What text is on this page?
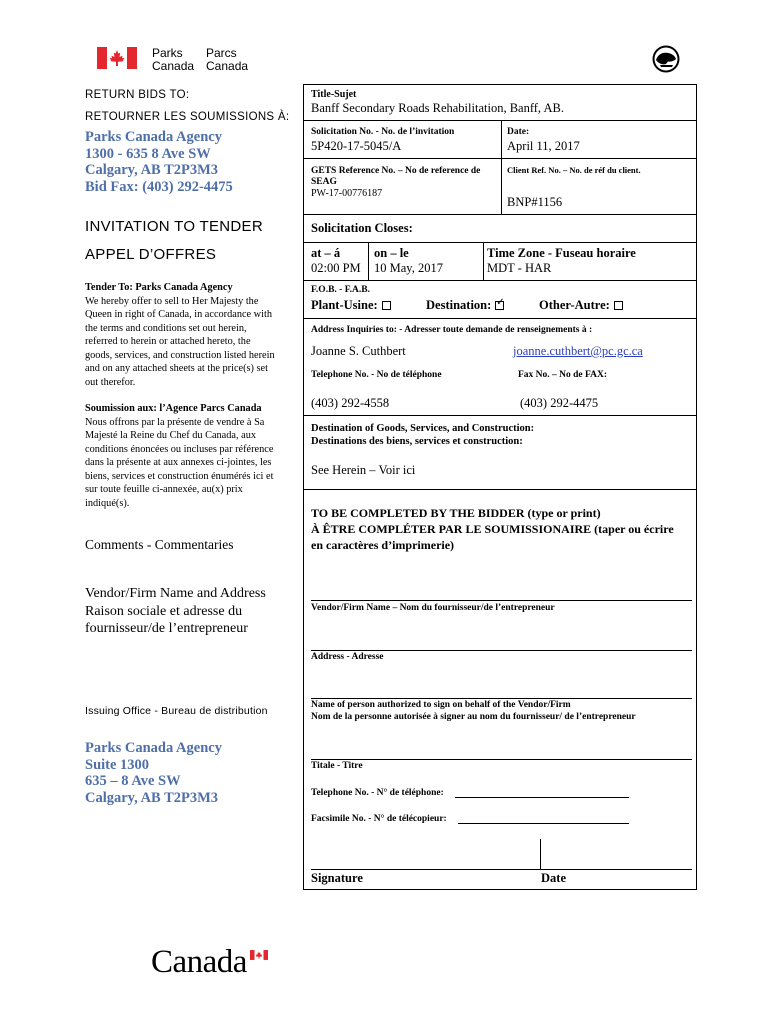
Parks
Canada
Parcs
Canada
RETURN BIDS TO:
RETOURNER LES SOUMISSIONS À:
Parks Canada Agency
1300 - 635 8 Ave SW
Calgary, AB T2P3M3
Bid Fax: (403) 292-4475
INVITATION TO TENDER
APPEL D’OFFRES
Tender To: Parks Canada Agency
We hereby offer to sell to Her Majesty the
Queen in right of Canada, in accordance with
the terms and conditions set out herein,
referred to herein or attached hereto, the
goods, services, and construction listed herein
and on any attached sheets at the price(s) set
out therefor.
Soumission aux: l’Agence Parcs Canada
Nous offrons par la présente de vendre à Sa
Majesté la Reine du Chef du Canada, aux
conditions énoncées ou incluses par référence
dans la présente at aux annexes ci-jointes, les
biens, services et construction énumérés ici et
sur toute feuille ci-annexée, au(x) prix
indiqué(s).
Comments - Commentaries
Vendor/Firm Name and Address
Raison sociale et adresse du
fournisseur/de l’entrepreneur
Issuing Office - Bureau de distribution
Parks Canada Agency
Suite 1300
635 – 8 Ave SW
Calgary, AB T2P3M3
Title-Sujet
Banff Secondary Roads Rehabilitation, Banff, AB.
Solicitation No. - No. de l’invitation
5P420-17-5045/A
Date:
April 11, 2017
GETS Reference No. – No de reference de
SEAG
PW-17-00776187
Client Ref. No. – No. de réf du client.
BNP#1156
Solicitation Closes:
at – á
02:00 PM
on – le
10 May, 2017
Time Zone - Fuseau horaire
MDT - HAR
F.O.B. - F.A.B.
Plant-Usine:	Destination:✓	Other-Autre:
Address Inquiries to: - Adresser toute demande de renseignements à :
Joanne S. Cuthbert	joanne.cuthbert@pc.gc.ca
Telephone No. - No de téléphone	Fax No. – No de FAX:
(403) 292-4558	(403) 292-4475
Destination of Goods, Services, and Construction:
Destinations des biens, services et construction:
See Herein – Voir ici
TO BE COMPLETED BY THE BIDDER (type or print)
À ÊTRE COMPLÉTER PAR LE SOUMISSIONAIRE (taper ou écrire
en caractères d’imprimerie)
Vendor/Firm Name – Nom du fournisseur/de l’entrepreneur
Address - Adresse
Name of person authorized to sign on behalf of the Vendor/Firm
Nom de la personne autorisée à signer au nom du fournisseur/ de l’entrepreneur
Titale - Titre
Telephone No. - N° de téléphone:
Facsimile No. - N° de télécopieur:
Signature	Date
Canada
